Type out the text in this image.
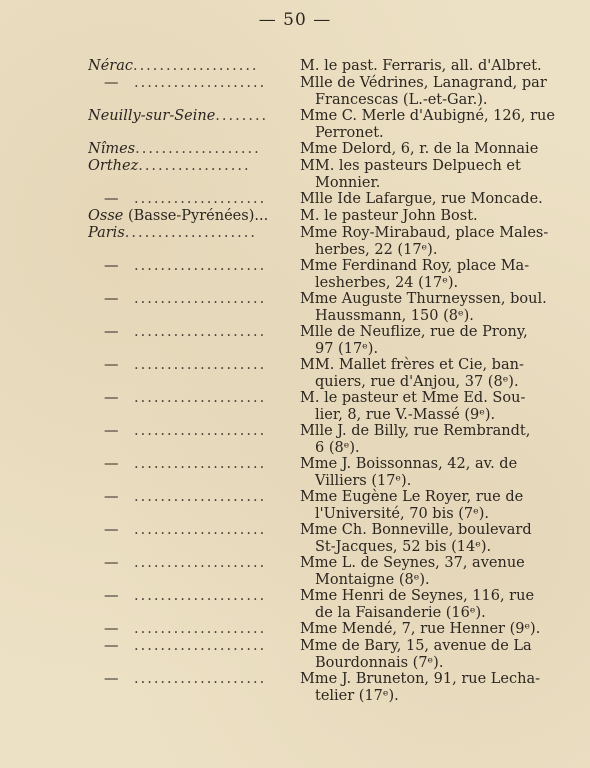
— 50 —
Nérac...................	M. le past. Ferraris, all. d'Albret.
— ....................	Mlle de Védrines, Lanagrand, par
Francescas (L.-et-Gar.).
Neuilly-sur-Seine........	Mme C. Merle d'Aubigné, 126, rue
Perronet.
Nîmes...................	Mme Delord, 6, r. de la Monnaie
Orthez.................	MM. les pasteurs Delpuech et
Monnier.
— ....................	Mlle Ide Lafargue, rue Moncade.
Osse (Basse-Pyrénées)...	M. le pasteur John Bost.
Paris....................	Mme Roy-Mirabaud, place Males-
herbes, 22 (17ᵉ).
— ....................	Mme Ferdinand Roy, place Ma-
lesherbes, 24 (17ᵉ).
— ....................	Mme Auguste Thurneyssen, boul.
Haussmann, 150 (8ᵉ).
— ....................	Mlle de Neuflize, rue de Prony,
97 (17ᵉ).
— ....................	MM. Mallet frères et Cie, ban-
quiers, rue d'Anjou, 37 (8ᵉ).
— ....................	M. le pasteur et Mme Ed. Sou-
lier, 8, rue V.-Massé (9ᵉ).
— ....................	Mlle J. de Billy, rue Rembrandt,
6 (8ᵉ).
— ....................	Mme J. Boissonnas, 42, av. de
Villiers (17ᵉ).
— ....................	Mme Eugène Le Royer, rue de
l'Université, 70 bis (7ᵉ).
— ....................	Mme Ch. Bonneville, boulevard
St-Jacques, 52 bis (14ᵉ).
— ....................	Mme L. de Seynes, 37, avenue
Montaigne (8ᵉ).
— ....................	Mme Henri de Seynes, 116, rue
de la Faisanderie (16ᵉ).
— ....................	Mme Mendé, 7, rue Henner (9ᵉ).
— ....................	Mme de Bary, 15, avenue de La
Bourdonnais (7ᵉ).
— ....................	Mme J. Bruneton, 91, rue Lecha-
telier (17ᵉ).
